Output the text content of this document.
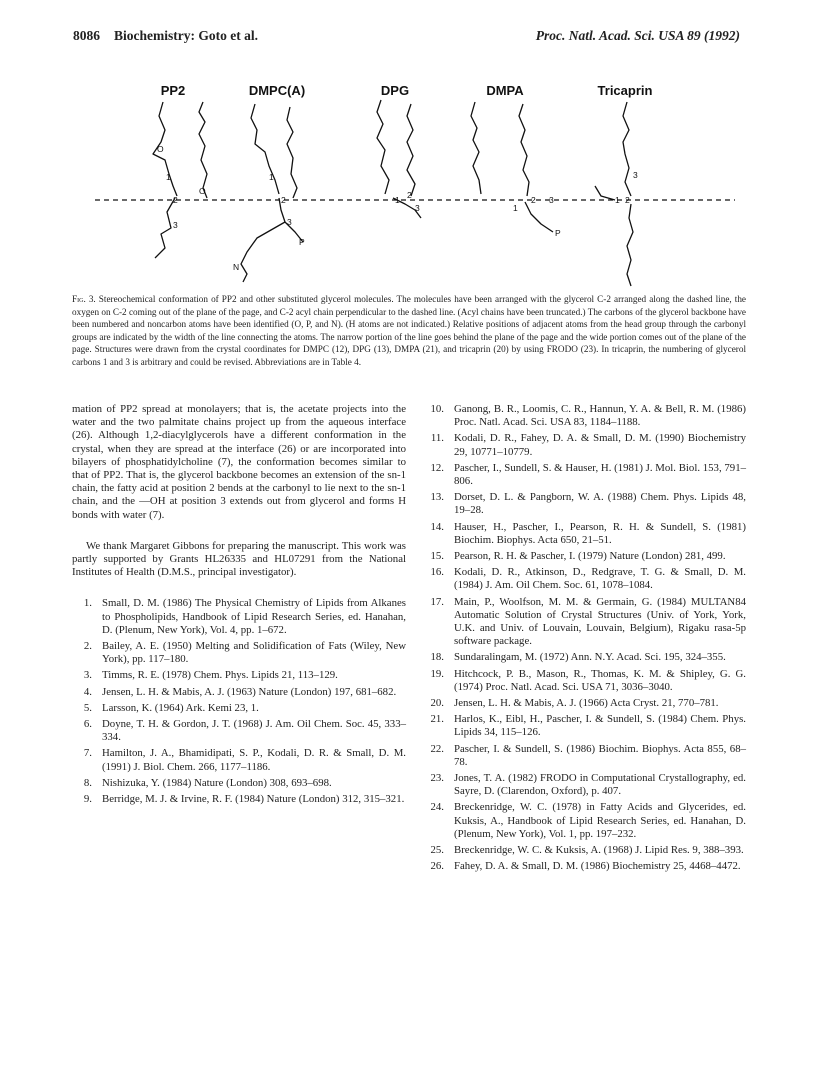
8086 Biochemistry: Goto et al.	Proc. Natl. Acad. Sci. USA 89 (1992)
PP2	DMPC(A)	DPG	DMPA	Tricaprin
O
1
2
3
O
1
2
3
P
N
1 2
3	1
2 3
P
1 2
3

Fig. 3. Stereochemical conformation of PP2 and other substituted glycerol molecules. The molecules have been arranged with the glycerol C-2 arranged along the dashed line, the oxygen on C-2 coming out of the plane of the page, and C-2 acyl chain perpendicular to the dashed line. (Acyl chains have been truncated.) The carbons of the glycerol backbone have been numbered and noncarbon atoms have been identified (O, P, and N). (H atoms are not indicated.) Relative positions of adjacent atoms from the head group through the carbonyl groups are indicated by the width of the line connecting the atoms. The narrow portion of the line goes behind the plane of the page and the wide portion comes out of the plane of the page. Structures were drawn from the crystal coordinates for DMPC (12), DPG (13), DMPA (21), and tricaprin (20) by using FRODO (23). In tricaprin, the numbering of glycerol carbons 1 and 3 is arbitrary and could be revised. Abbreviations are in Table 4.

mation of PP2 spread at monolayers; that is, the acetate projects into the water and the two palmitate chains project up from the aqueous interface (26). Although 1,2-diacylglycerols have a different conformation in the crystal, when they are spread at the interface (26) or are incorporated into bilayers of phosphatidylcholine (7), the conformation becomes similar to that of PP2. That is, the glycerol backbone becomes an extension of the sn-1 chain, the fatty acid at position 2 bends at the carbonyl to lie next to the sn-1 chain, and the —OH at position 3 extends out from glycerol and forms H bonds with water (7).

We thank Margaret Gibbons for preparing the manuscript. This work was partly supported by Grants HL26335 and HL07291 from the National Institutes of Health (D.M.S., principal investigator).

1. Small, D. M. (1986) The Physical Chemistry of Lipids from Alkanes to Phospholipids, Handbook of Lipid Research Series, ed. Hanahan, D. (Plenum, New York), Vol. 4, pp. 1–672.
2. Bailey, A. E. (1950) Melting and Solidification of Fats (Wiley, New York), pp. 117–180.
3. Timms, R. E. (1978) Chem. Phys. Lipids 21, 113–129.
4. Jensen, L. H. & Mabis, A. J. (1963) Nature (London) 197, 681–682.
5. Larsson, K. (1964) Ark. Kemi 23, 1.
6. Doyne, T. H. & Gordon, J. T. (1968) J. Am. Oil Chem. Soc. 45, 333–334.
7. Hamilton, J. A., Bhamidipati, S. P., Kodali, D. R. & Small, D. M. (1991) J. Biol. Chem. 266, 1177–1186.
8. Nishizuka, Y. (1984) Nature (London) 308, 693–698.
9. Berridge, M. J. & Irvine, R. F. (1984) Nature (London) 312, 315–321.
10. Ganong, B. R., Loomis, C. R., Hannun, Y. A. & Bell, R. M. (1986) Proc. Natl. Acad. Sci. USA 83, 1184–1188.
11. Kodali, D. R., Fahey, D. A. & Small, D. M. (1990) Biochemistry 29, 10771–10779.
12. Pascher, I., Sundell, S. & Hauser, H. (1981) J. Mol. Biol. 153, 791–806.
13. Dorset, D. L. & Pangborn, W. A. (1988) Chem. Phys. Lipids 48, 19–28.
14. Hauser, H., Pascher, I., Pearson, R. H. & Sundell, S. (1981) Biochim. Biophys. Acta 650, 21–51.
15. Pearson, R. H. & Pascher, I. (1979) Nature (London) 281, 499.
16. Kodali, D. R., Atkinson, D., Redgrave, T. G. & Small, D. M. (1984) J. Am. Oil Chem. Soc. 61, 1078–1084.
17. Main, P., Woolfson, M. M. & Germain, G. (1984) MULTAN84 Automatic Solution of Crystal Structures (Univ. of York, York, U.K. and Univ. of Louvain, Louvain, Belgium), Rigaku rasa-5p software package.
18. Sundaralingam, M. (1972) Ann. N.Y. Acad. Sci. 195, 324–355.
19. Hitchcock, P. B., Mason, R., Thomas, K. M. & Shipley, G. G. (1974) Proc. Natl. Acad. Sci. USA 71, 3036–3040.
20. Jensen, L. H. & Mabis, A. J. (1966) Acta Cryst. 21, 770–781.
21. Harlos, K., Eibl, H., Pascher, I. & Sundell, S. (1984) Chem. Phys. Lipids 34, 115–126.
22. Pascher, I. & Sundell, S. (1986) Biochim. Biophys. Acta 855, 68–78.
23. Jones, T. A. (1982) FRODO in Computational Crystallography, ed. Sayre, D. (Clarendon, Oxford), p. 407.
24. Breckenridge, W. C. (1978) in Fatty Acids and Glycerides, ed. Kuksis, A., Handbook of Lipid Research Series, ed. Hanahan, D. (Plenum, New York), Vol. 1, pp. 197–232.
25. Breckenridge, W. C. & Kuksis, A. (1968) J. Lipid Res. 9, 388–393.
26. Fahey, D. A. & Small, D. M. (1986) Biochemistry 25, 4468–4472.
